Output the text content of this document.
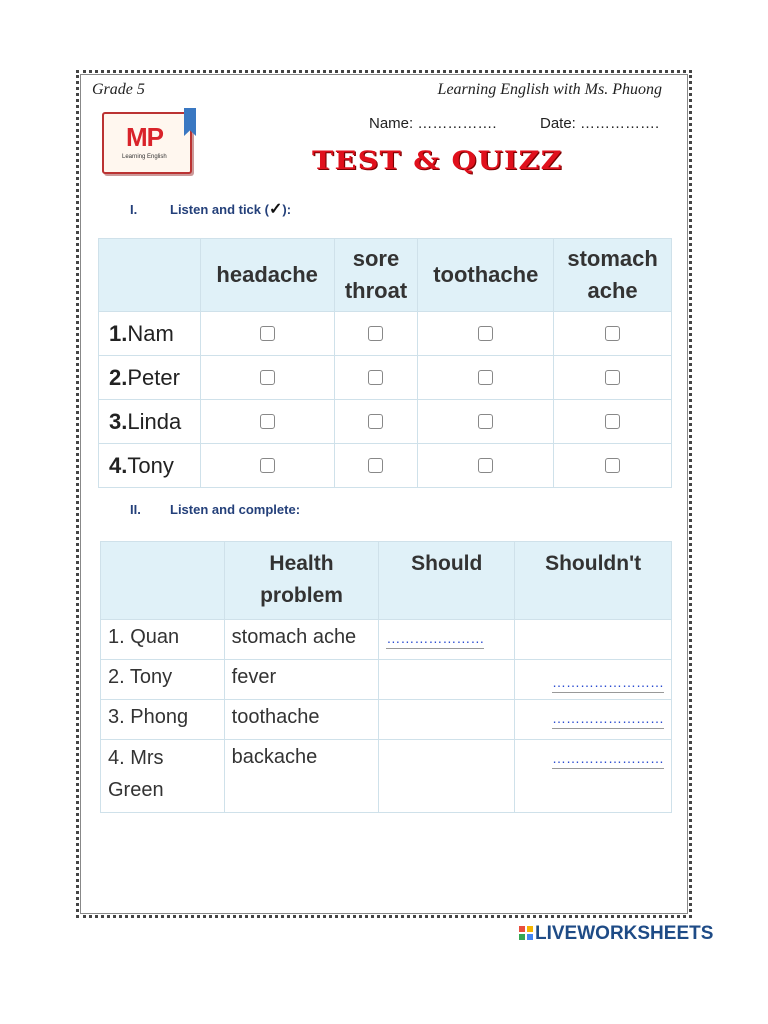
Grade 5	Learning English with Ms. Phuong
Name: …………….	Date: …………….
MP
Learning English	TEST & QUIZZ
I.	Listen and tick (✓):
	headache	sore throat	toothache	stomach ache
1.Nam				
2.Peter				
3.Linda				
4.Tony				
II. Listen and complete:
	Health problem	Should	Shouldn't
1. Quan	stomach ache	…………………	
2. Tony	fever		……………………
3. Phong	toothache		……………………
4. Mrs Green	backache		……………………
LIVEWORKSHEETS
